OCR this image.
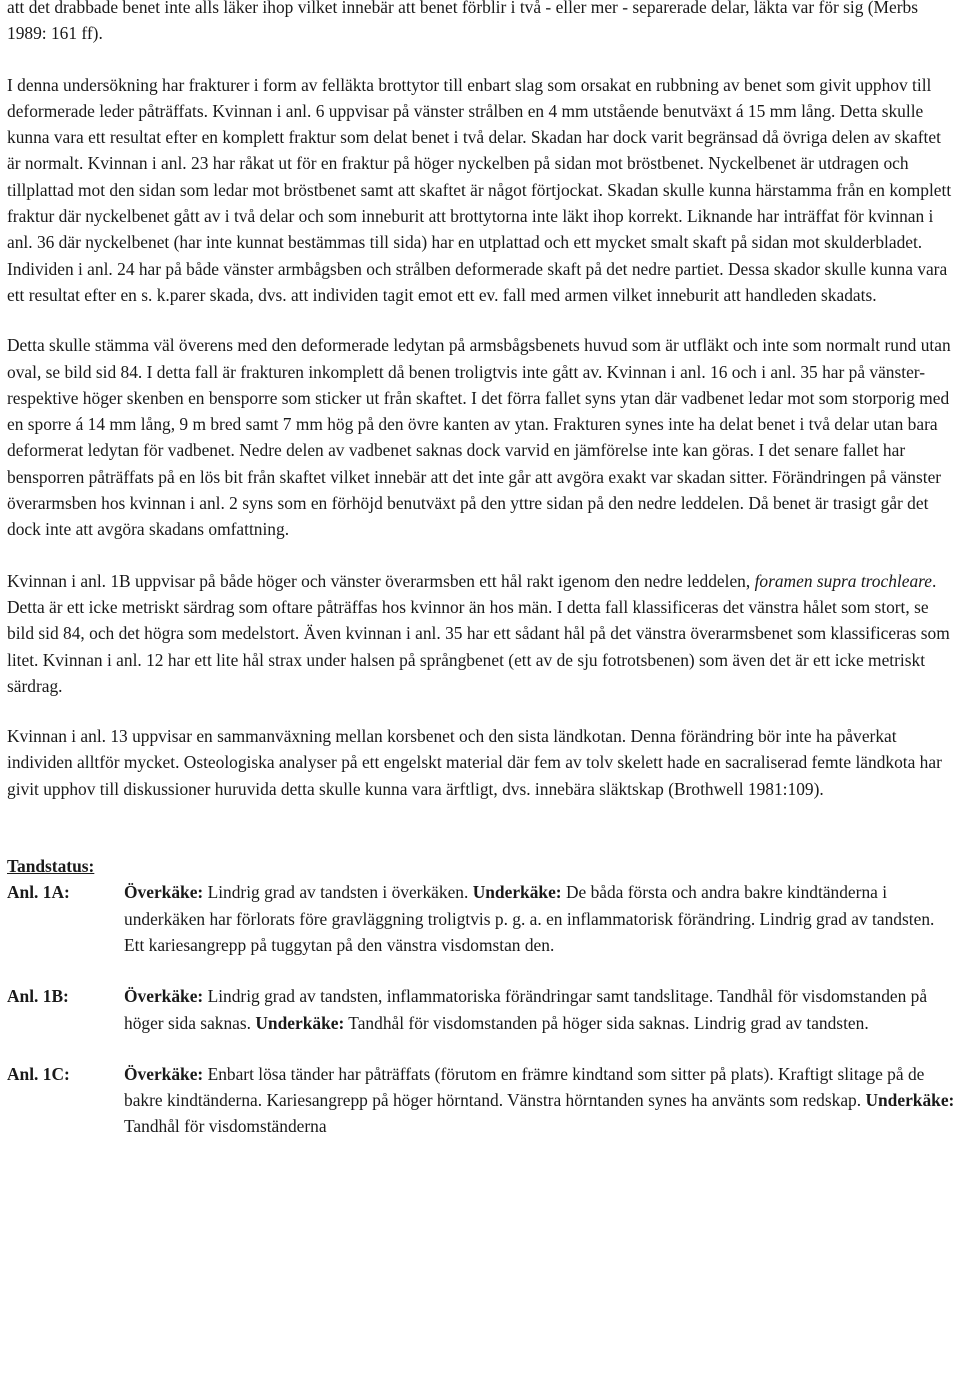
att det drabbade benet inte alls läker ihop vilket innebär att benet förblir i två - eller mer - separerade delar, läkta var för sig (Merbs 1989: 161 ff).

I denna undersökning har frakturer i form av felläkta brottytor till enbart slag som orsakat en rubbning av benet som givit upphov till deformerade leder påträffats. Kvinnan i anl. 6 uppvisar på vänster strålben en 4 mm utstående benutväxt á 15 mm lång. Detta skulle kunna vara ett resultat efter en komplett fraktur som delat benet i två delar. Skadan har dock varit begränsad då övriga delen av skaftet är normalt. Kvinnan i anl. 23 har råkat ut för en fraktur på höger nyckelben på sidan mot bröstbenet. Nyckelbenet är utdragen och tillplattad mot den sidan som ledar mot bröstbenet samt att skaftet är något förtjockat. Skadan skulle kunna härstamma från en komplett fraktur där nyckelbenet gått av i två delar och som inneburit att brottytorna inte läkt ihop korrekt. Liknande har inträffat för kvinnan i anl. 36 där nyckelbenet (har inte kunnat bestämmas till sida) har en utplattad och ett mycket smalt skaft på sidan mot skulderbladet. Individen i anl. 24 har på både vänster armbågsben och strålben deformerade skaft på det nedre partiet. Dessa skador skulle kunna vara ett resultat efter en s. k.parer skada, dvs. att individen tagit emot ett ev. fall med armen vilket inneburit att handleden skadats.

Detta skulle stämma väl överens med den deformerade ledytan på armsbågsbenets huvud som är utfläkt och inte som normalt rund utan oval, se bild sid 84. I detta fall är frakturen inkomplett då benen troligtvis inte gått av. Kvinnan i anl. 16 och i anl. 35 har på vänster- respektive höger skenben en bensporre som sticker ut från skaftet. I det förra fallet syns ytan där vadbenet ledar mot som storporig med en sporre á 14 mm lång, 9 m bred samt 7 mm hög på den övre kanten av ytan. Frakturen synes inte ha delat benet i två delar utan bara deformerat ledytan för vadbenet. Nedre delen av vadbenet saknas dock varvid en jämförelse inte kan göras. I det senare fallet har bensporren påträffats på en lös bit från skaftet vilket innebär att det inte går att avgöra exakt var skadan sitter. Förändringen på vänster överarmsben hos kvinnan i anl. 2 syns som en förhöjd benutväxt på den yttre sidan på den nedre leddelen. Då benet är trasigt går det dock inte att avgöra skadans omfattning.

Kvinnan i anl. 1B uppvisar på både höger och vänster överarmsben ett hål rakt igenom den nedre leddelen, foramen supra trochleare. Detta är ett icke metriskt särdrag som oftare påträffas hos kvinnor än hos män. I detta fall klassificeras det vänstra hålet som stort, se bild sid 84, och det högra som medelstort. Även kvinnan i anl. 35 har ett sådant hål på det vänstra överarmsbenet som klassificeras som litet. Kvinnan i anl. 12 har ett lite hål strax under halsen på språngbenet (ett av de sju fotrotsbenen) som även det är ett icke metriskt särdrag.

Kvinnan i anl. 13 uppvisar en sammanväxning mellan korsbenet och den sista ländkotan. Denna förändring bör inte ha påverkat individen alltför mycket. Osteologiska analyser på ett engelskt material där fem av tolv skelett hade en sacraliserad femte ländkota har givit upphov till diskussioner huruvida detta skulle kunna vara ärftligt, dvs. innebära släktskap (Brothwell 1981:109).

Tandstatus:

Anl. 1A:	Överkäke: Lindrig grad av tandsten i överkäken. Underkäke: De båda första och andra bakre kindtänderna i underkäken har förlorats före gravläggning troligtvis p. g. a. en inflammatorisk förändring. Lindrig grad av tandsten. Ett kariesangrepp på tuggytan på den vänstra visdomstan den.
Anl. 1B:	Överkäke: Lindrig grad av tandsten, inflammatoriska förändringar samt tandslitage. Tandhål för visdomstanden på höger sida saknas. Underkäke: Tandhål för visdomstanden på höger sida saknas. Lindrig grad av tandsten.
Anl. 1C:	Överkäke: Enbart lösa tänder har påträffats (förutom en främre kindtand som sitter på plats). Kraftigt slitage på de bakre kindtänderna. Kariesangrepp på höger hörntand. Vänstra hörntanden synes ha använts som redskap. Underkäke: Tandhål för visdomständerna
